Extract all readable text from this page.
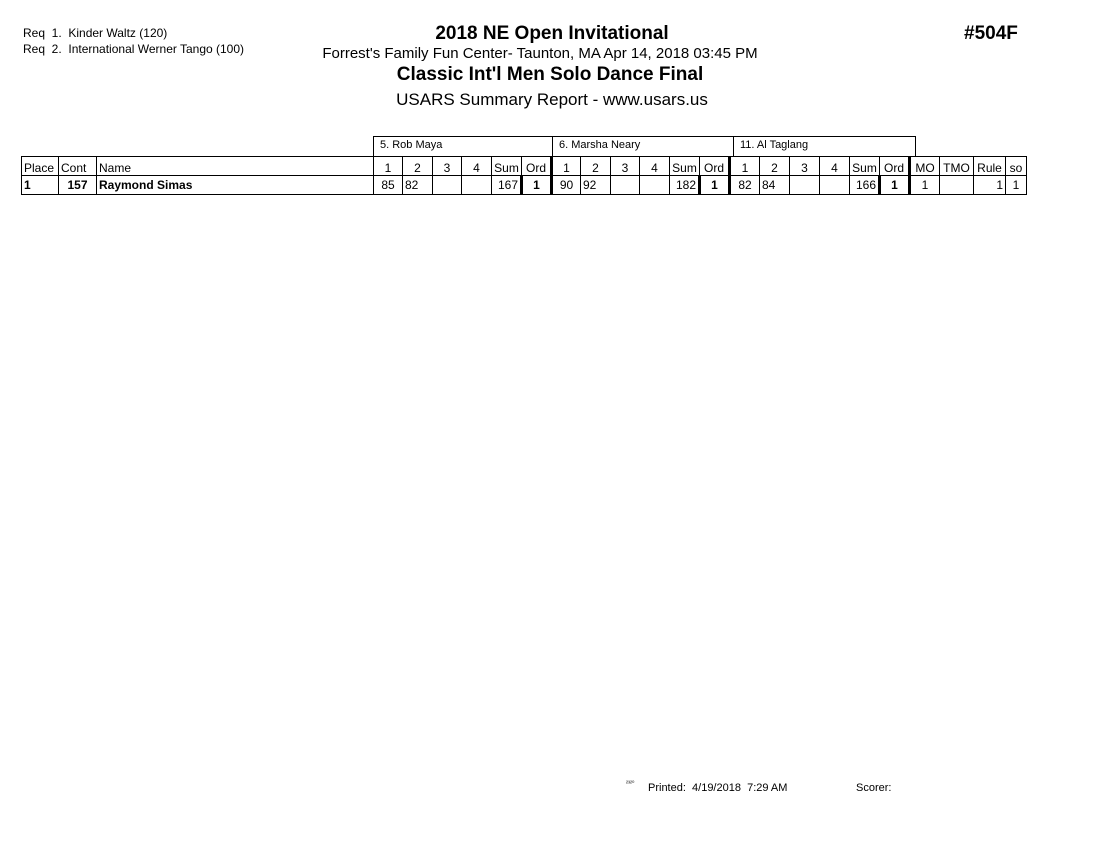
Req  1.  Kinder Waltz (120)
Req  2.  International Werner Tango (100)
2018 NE Open Invitational
Forrest's Family Fun Center- Taunton, MA Apr 14, 2018 03:45 PM
Classic Int'l Men Solo Dance Final
USARS Summary Report - www.usars.us
#504F
5. Rob Maya	6. Marsha Neary	11. Al Taglang
Place	Cont	Name	1	2	3	4	Sum	Ord	1	2	3	4	Sum	Ord	1	2	3	4	Sum	Ord	MO	TMO	Rule	so
1	157	Raymond Simas	85	82			167	1	90	92			182	1	82	84			166	1	1		1	1
²³²⁰ Printed:  4/19/2018  7:29 AM	Scorer:
